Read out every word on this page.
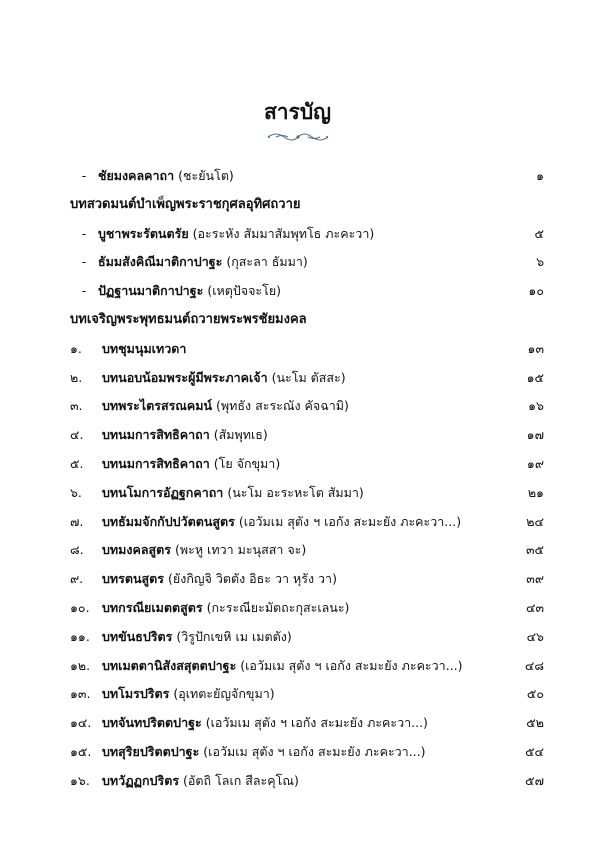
สารบัญ
- ชัยมงคลคาถา (ชะยันโต)	๑
บทสวดมนต์บำเพ็ญพระราชกุศลอุทิศถวาย
- บูชาพระรัตนตรัย (อะระหัง สัมมาสัมพุทโธ ภะคะวา)	๕
- ธัมมสังคิณีมาติกาปาฐะ (กุสะลา ธัมมา)	๖
- ปัฏฐานมาติกาปาฐะ (เหตุปัจจะโย)	๑๐
บทเจริญพระพุทธมนต์ถวายพระพรชัยมงคล
๑.	บทชุมนุมเทวดา	๑๓
๒.	บทนอบน้อมพระผู้มีพระภาคเจ้า (นะโม ตัสสะ)	๑๕
๓.	บทพระไตรสรณคมน์ (พุทธัง สะระณัง คัจฉามิ)	๑๖
๔.	บทนมการสิทธิคาถา (สัมพุทเธ)	๑๗
๕.	บทนมการสิทธิคาถา (โย จักขุมา)	๑๙
๖.	บทนโมการอัฏฐกคาถา (นะโม อะระหะโต สัมมา)	๒๑
๗.	บทธัมมจักกัปปวัตตนสูตร (เอวัมเม สุตัง ฯ เอกัง สะมะยัง ภะคะวา...)	๒๔
๘.	บทมงคลสูตร (พะหู เทวา มะนุสสา จะ)	๓๕
๙.	บทรตนสูตร (ยังกิญจิ วิตตัง อิธะ วา หุรัง วา)	๓๙
๑๐. บทกรณียเมตตสูตร (กะระณียะมัตถะกุสะเลนะ)	๔๓
๑๑. บทขันธปริตร (วิรูปักเขหิ เม เมตตัง)	๔๖
๑๒. บทเมตตานิสังสสุตตปาฐะ (เอวัมเม สุตัง ฯ เอกัง สะมะยัง ภะคะวา...)	๔๘
๑๓. บทโมรปริตร (อุเทตะยัญจักขุมา)	๕๐
๑๔. บทจันทปริตตปาฐะ (เอวัมเม สุตัง ฯ เอกัง สะมะยัง ภะคะวา...)	๕๒
๑๕. บทสุริยปริตตปาฐะ (เอวัมเม สุตัง ฯ เอกัง สะมะยัง ภะคะวา...)	๕๔
๑๖. บทวัฏฏกปริตร (อัตถิ โลเก สีละคุโณ)	๕๗
